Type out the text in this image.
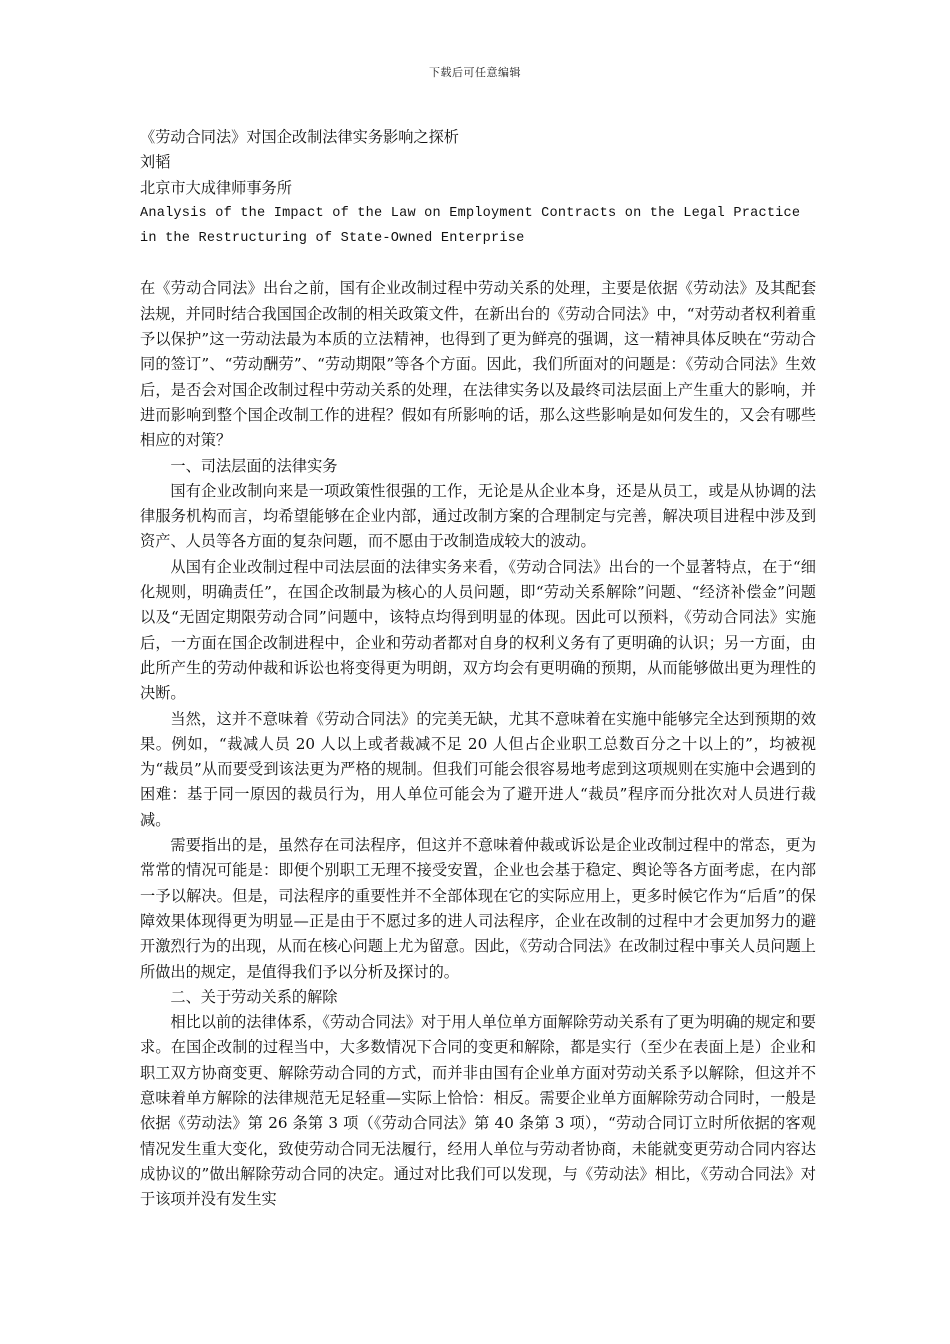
下载后可任意编辑
《劳动合同法》对国企改制法律实务影响之探析
刘韬
北京市大成律师事务所
Analysis of the Impact of the Law on Employment Contracts on the Legal Practice
in the Restructuring of State-Owned Enterprise

在《劳动合同法》出台之前，国有企业改制过程中劳动关系的处理，主要是依据《劳动法》及其配套法规，并同时结合我国国企改制的相关政策文件，在新出台的《劳动合同法》中，“对劳动者权利着重予以保护”这一劳动法最为本质的立法精神，也得到了更为鲜亮的强调，这一精神具体反映在“劳动合同的签订”、“劳动酬劳”、“劳动期限”等各个方面。因此，我们所面对的问题是：《劳动合同法》生效后，是否会对国企改制过程中劳动关系的处理，在法律实务以及最终司法层面上产生重大的影响，并进而影响到整个国企改制工作的进程？假如有所影响的话，那么这些影响是如何发生的，又会有哪些相应的对策？

一、司法层面的法律实务

国有企业改制向来是一项政策性很强的工作，无论是从企业本身，还是从员工，或是从协调的法律服务机构而言，均希望能够在企业内部，通过改制方案的合理制定与完善，解决项目进程中涉及到资产、人员等各方面的复杂问题，而不愿由于改制造成较大的波动。

从国有企业改制过程中司法层面的法律实务来看，《劳动合同法》出台的一个显著特点，在于“细化规则，明确责任”，在国企改制最为核心的人员问题，即“劳动关系解除”问题、“经济补偿金”问题以及“无固定期限劳动合同”问题中，该特点均得到明显的体现。因此可以预料，《劳动合同法》实施后，一方面在国企改制进程中，企业和劳动者都对自身的权利义务有了更明确的认识；另一方面，由此所产生的劳动仲裁和诉讼也将变得更为明朗，双方均会有更明确的预期，从而能够做出更为理性的决断。

当然，这并不意味着《劳动合同法》的完美无缺，尤其不意味着在实施中能够完全达到预期的效果。例如，“裁减人员 20 人以上或者裁减不足 20 人但占企业职工总数百分之十以上的”，均被视为“裁员”从而要受到该法更为严格的规制。但我们可能会很容易地考虑到这项规则在实施中会遇到的困难：基于同一原因的裁员行为，用人单位可能会为了避开进人“裁员”程序而分批次对人员进行裁减。

需要指出的是，虽然存在司法程序，但这并不意味着仲裁或诉讼是企业改制过程中的常态，更为常常的情况可能是：即便个别职工无理不接受安置，企业也会基于稳定、舆论等各方面考虑，在内部一予以解决。但是，司法程序的重要性并不全部体现在它的实际应用上，更多时候它作为“后盾”的保障效果体现得更为明显—正是由于不愿过多的进人司法程序，企业在改制的过程中才会更加努力的避开激烈行为的出现，从而在核心问题上尤为留意。因此，《劳动合同法》在改制过程中事关人员问题上所做出的规定，是值得我们予以分析及探讨的。

二、关于劳动关系的解除

相比以前的法律体系，《劳动合同法》对于用人单位单方面解除劳动关系有了更为明确的规定和要求。在国企改制的过程当中，大多数情况下合同的变更和解除，都是实行（至少在表面上是）企业和职工双方协商变更、解除劳动合同的方式，而并非由国有企业单方面对劳动关系予以解除，但这并不意味着单方解除的法律规范无足轻重—实际上恰恰：相反。需要企业单方面解除劳动合同时，一般是依据《劳动法》第 26 条第 3 项（《劳动合同法》第 40 条第 3 项），“劳动合同订立时所依据的客观情况发生重大变化，致使劳动合同无法履行，经用人单位与劳动者协商，未能就变更劳动合同内容达成协议的”做出解除劳动合同的决定。通过对比我们可以发现，与《劳动法》相比，《劳动合同法》对于该项并没有发生实
